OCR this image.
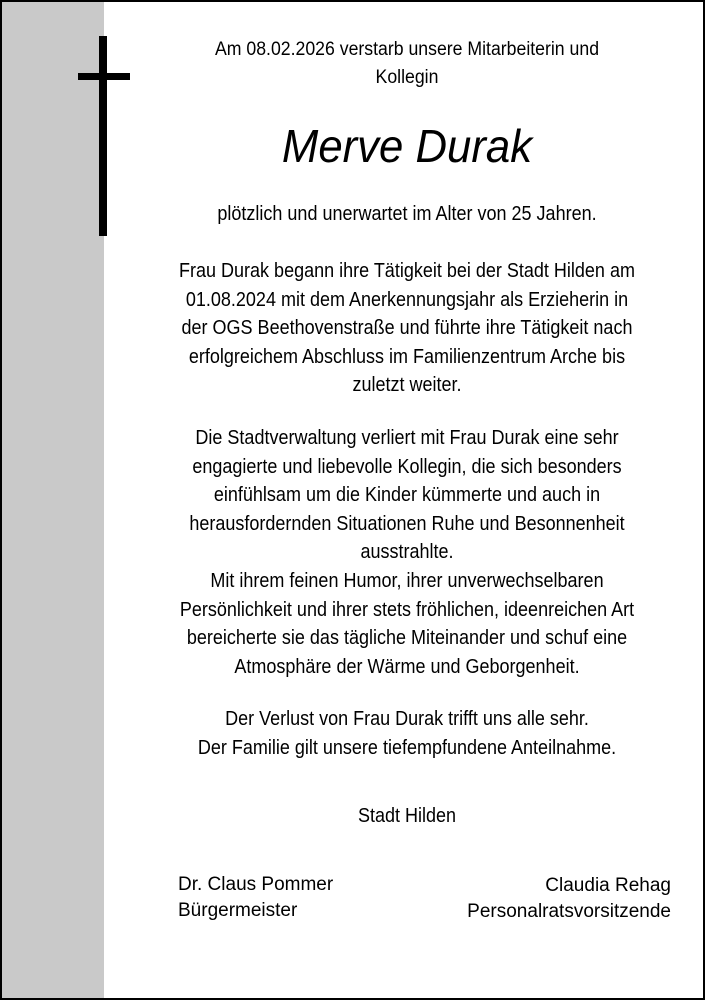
Am 08.02.2026 verstarb unsere Mitarbeiterin und
Kollegin
Merve Durak
plötzlich und unerwartet im Alter von 25 Jahren.
Frau Durak begann ihre Tätigkeit bei der Stadt Hilden am
01.08.2024 mit dem Anerkennungsjahr als Erzieherin in
der OGS Beethovenstraße und führte ihre Tätigkeit nach
erfolgreichem Abschluss im Familienzentrum Arche bis
zuletzt weiter.
Die Stadtverwaltung verliert mit Frau Durak eine sehr
engagierte und liebevolle Kollegin, die sich besonders
einfühlsam um die Kinder kümmerte und auch in
herausfordernden Situationen Ruhe und Besonnenheit
ausstrahlte.
Mit ihrem feinen Humor, ihrer unverwechselbaren
Persönlichkeit und ihrer stets fröhlichen, ideenreichen Art
bereicherte sie das tägliche Miteinander und schuf eine
Atmosphäre der Wärme und Geborgenheit.
Der Verlust von Frau Durak trifft uns alle sehr.
Der Familie gilt unsere tiefempfundene Anteilnahme.
Stadt Hilden
Dr. Claus Pommer
Bürgermeister
Claudia Rehag
Personalratsvorsitzende
